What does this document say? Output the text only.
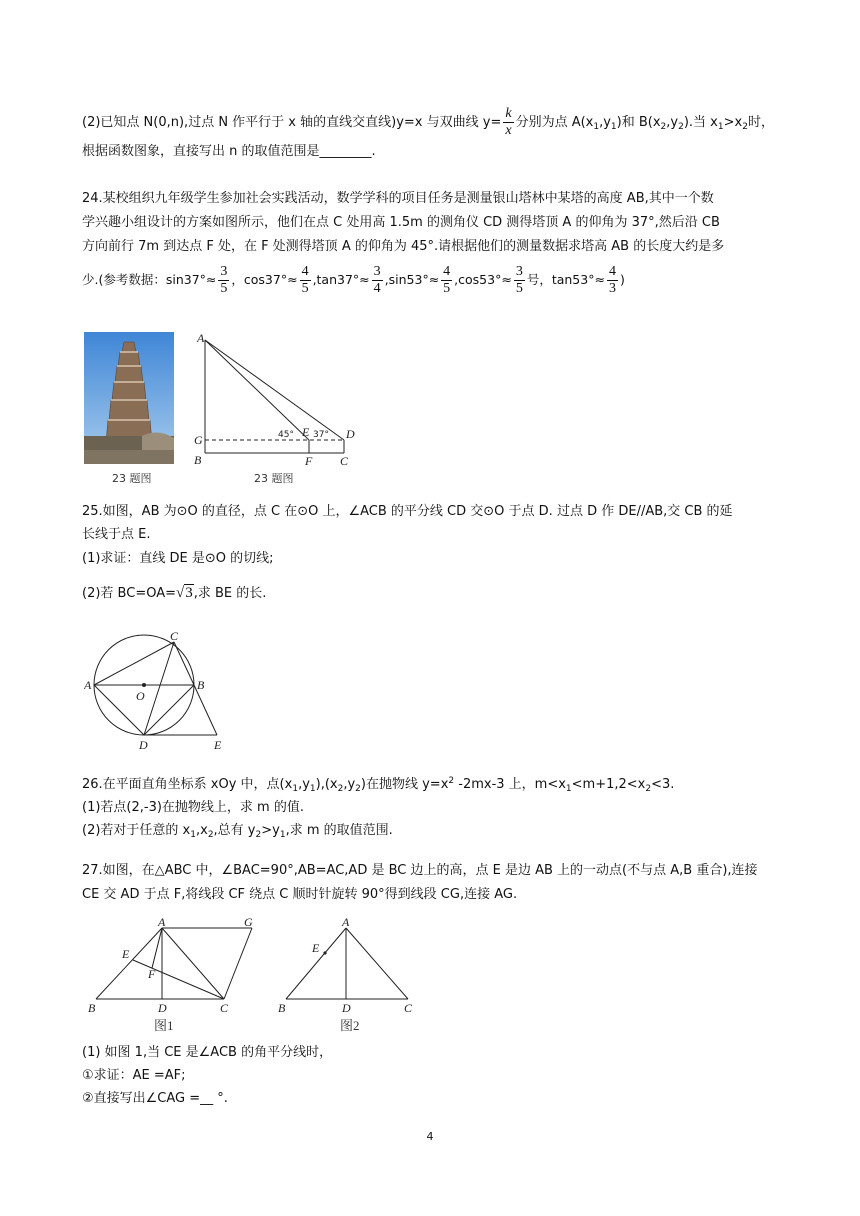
(2)已知点 N(0,n),过点 N 作平行于 x 轴的直线交直线)y=x 与双曲线 $y= \frac{k}{x}$ 分别为点 $A(x_1,y_1)$和 $B(x_2,y_2)$.当 $x_1>x_2$时，
根据函数图象，直接写出 n 的取值范围是________.
24.某校组织九年级学生参加社会实践活动，数学学科的项目任务是测量银山塔林中某塔的高度 AB,其中一个数
学兴趣小组设计的方案如图所示，他们在点 C 处用高 1.5m 的测角仪 CD 测得塔顶 A 的仰角为 37°,然后沿 CB
方向前行 7m 到达点 F 处，在 F 处测得塔顶 A 的仰角为 45°.请根据他们的测量数据求塔高 AB 的长度大约是多
少.(参考数据：$\sin 37^\circ\approx \frac{3}{5}$ ，$\cos 37^\circ\approx \frac{4}{5} ,\tan 37^\circ\approx \frac{3}{4} ,\sin 53^\circ\approx \frac{4}{5} ,\cos 53^\circ\approx \frac{3}{5}$ 号，$\tan 53^\circ\approx \frac{4}{3}$ )
23 题图
A
G
B	F C
D
E
45° 37°
23 题图
25.如图，AB 为⊙O 的直径，点 C 在⊙O 上，∠ACB 的平分线 CD 交⊙O 于点 D. 过点 D 作 DE//AB,交 CB 的延
长线于点 E.
(1)求证：直线 DE 是⊙O 的切线;
(2)若 BC=OA=√3,求 BE 的长.
A	B
C
D	E
O
26.在平面直角坐标系 xOy 中，点$(x_1,y_1),(x_2,y_2)$在抛物线 $y=x^2$ -2mx-3 上，$m<x_1<m+1,2<x_2<3$.
(1)若点(2,-3)在抛物线上，求 m 的值.
(2)若对于任意的 $x_1,x_2$,总有 $y_2>y_1$,求 m 的取值范围.
27.如图，在△ABC 中，∠BAC=90°,AB=AC,AD 是 BC 边上的高，点 E 是边 AB 上的一动点(不与点 A,B 重合),连接
CE 交 AD 于点 F,将线段 CF 绕点 C 顺时针旋转 90°得到线段 CG,连接 AG.
A	G
E
F
B	D	C
图1
A
E
B	D	C
图2
(1) 如图 1,当 CE 是∠ACB 的角平分线时，
①求证：AE =AF;
②直接写出∠CAG =__ °.
4
